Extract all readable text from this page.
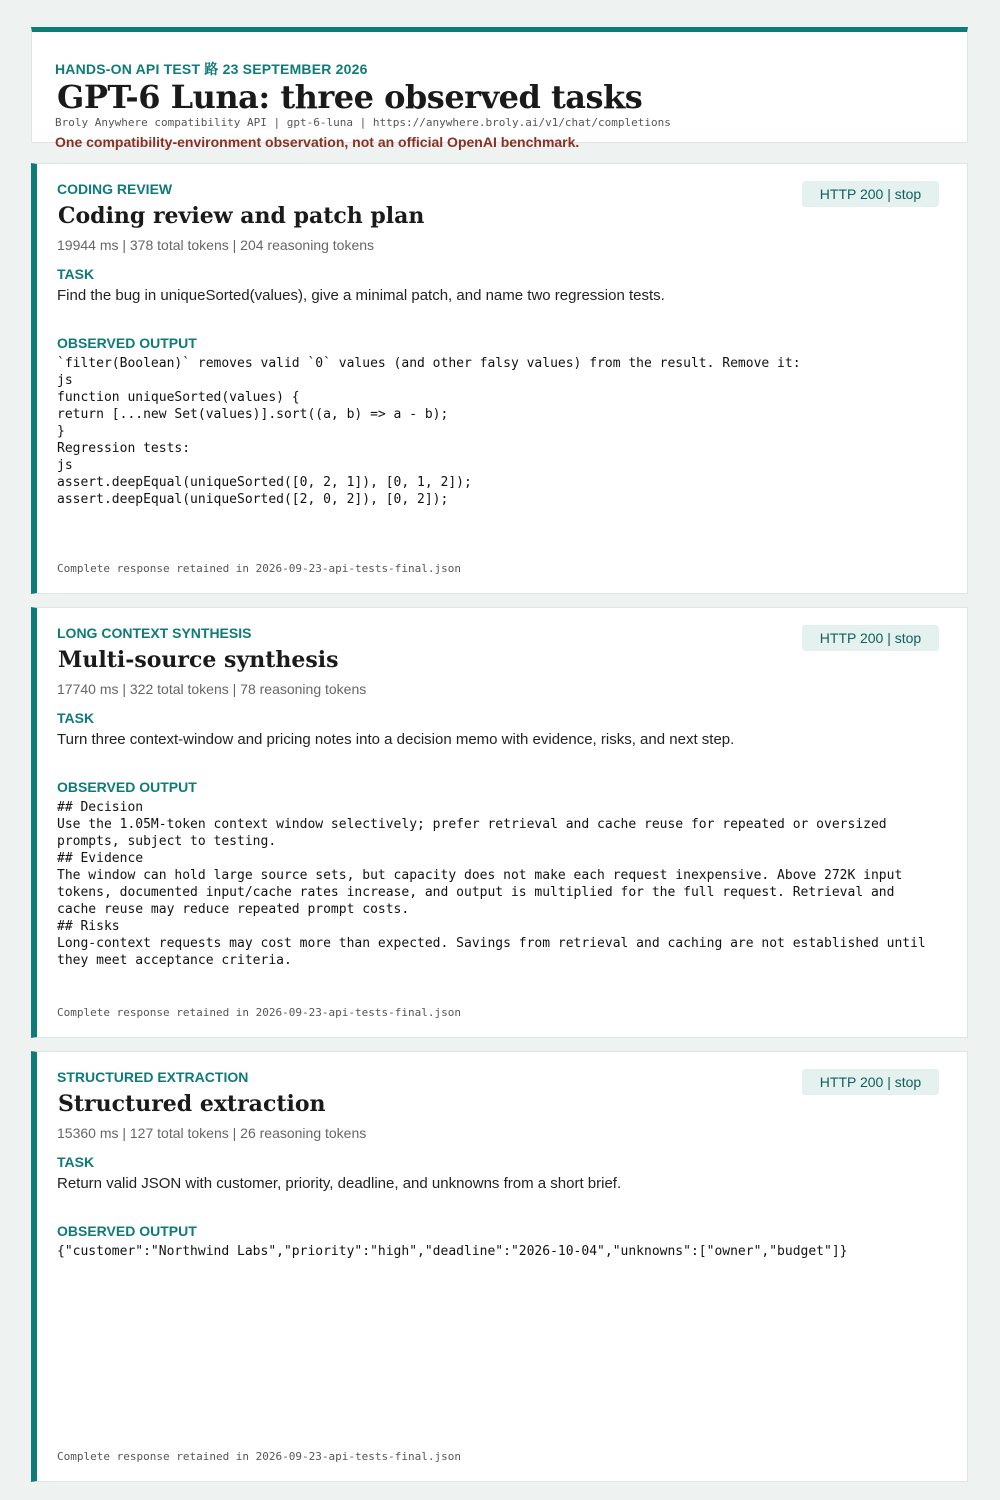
HANDS-ON API TEST 路 23 SEPTEMBER 2026
GPT-6 Luna: three observed tasks
Broly Anywhere compatibility API | gpt-6-luna | https://anywhere.broly.ai/v1/chat/completions
One compatibility-environment observation, not an official OpenAI benchmark.
CODING REVIEW	HTTP 200 | stop
Coding review and patch plan
19944 ms | 378 total tokens | 204 reasoning tokens
TASK
Find the bug in uniqueSorted(values), give a minimal patch, and name two regression tests.
OBSERVED OUTPUT
`filter(Boolean)` removes valid `0` values (and other falsy values) from the result. Remove it:
js
function uniqueSorted(values) {
return [...new Set(values)].sort((a, b) => a - b);
}
Regression tests:
js
assert.deepEqual(uniqueSorted([0, 2, 1]), [0, 1, 2]);
assert.deepEqual(uniqueSorted([2, 0, 2]), [0, 2]);
Complete response retained in 2026-09-23-api-tests-final.json
LONG CONTEXT SYNTHESIS	HTTP 200 | stop
Multi-source synthesis
17740 ms | 322 total tokens | 78 reasoning tokens
TASK
Turn three context-window and pricing notes into a decision memo with evidence, risks, and next step.
OBSERVED OUTPUT
## Decision
Use the 1.05M-token context window selectively; prefer retrieval and cache reuse for repeated or oversized prompts, subject to testing.
## Evidence
The window can hold large source sets, but capacity does not make each request inexpensive. Above 272K input tokens, documented input/cache rates increase, and output is multiplied for the full request. Retrieval and cache reuse may reduce repeated prompt costs.
## Risks
Long-context requests may cost more than expected. Savings from retrieval and caching are not established until they meet acceptance criteria.
Complete response retained in 2026-09-23-api-tests-final.json
STRUCTURED EXTRACTION	HTTP 200 | stop
Structured extraction
15360 ms | 127 total tokens | 26 reasoning tokens
TASK
Return valid JSON with customer, priority, deadline, and unknowns from a short brief.
OBSERVED OUTPUT
{"customer":"Northwind Labs","priority":"high","deadline":"2026-10-04","unknowns":["owner","budget"]}
Complete response retained in 2026-09-23-api-tests-final.json
